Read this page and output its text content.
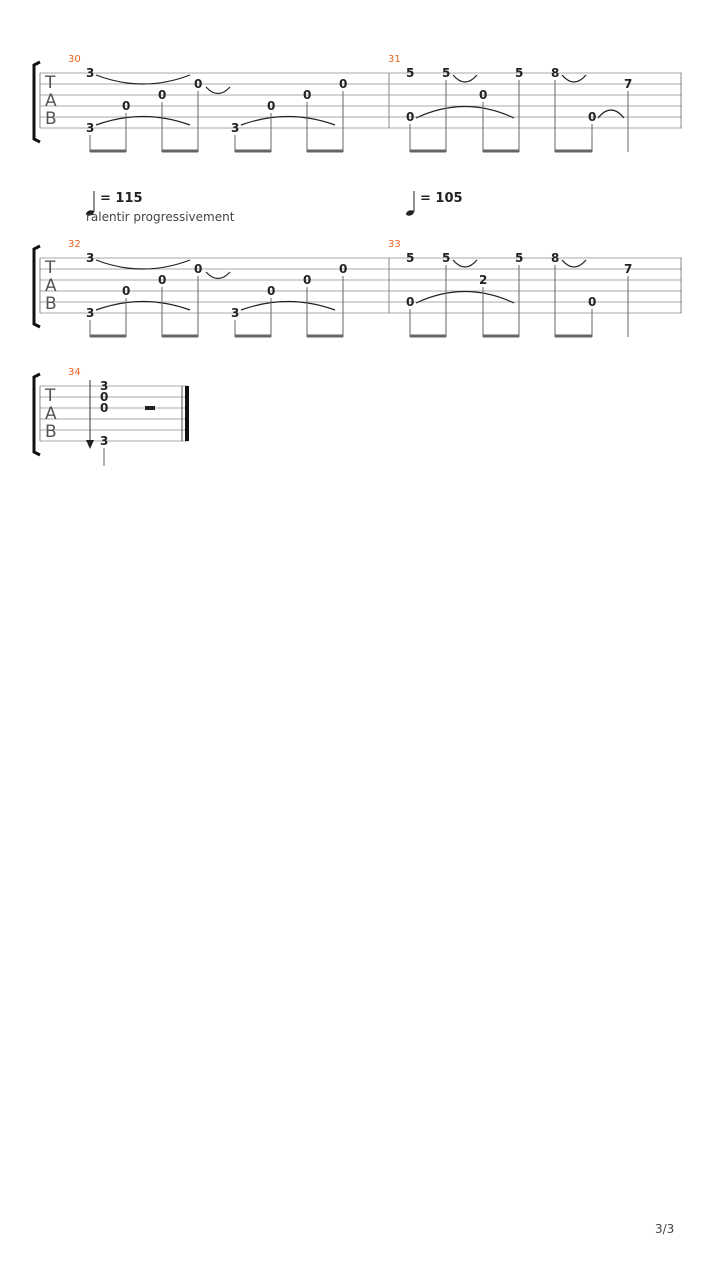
T
A
B
30	31
3
3
0
0
0
3
0
0
0
5
0
5
0
5 8
0
7
= 115
ralentir progressivement
= 105
T
A
B
32	33
3
3
0
0
0
3
0
0
0
5
0
5
2
5 8
0
7
T
A
B
34
3
0
0
3
3/3
